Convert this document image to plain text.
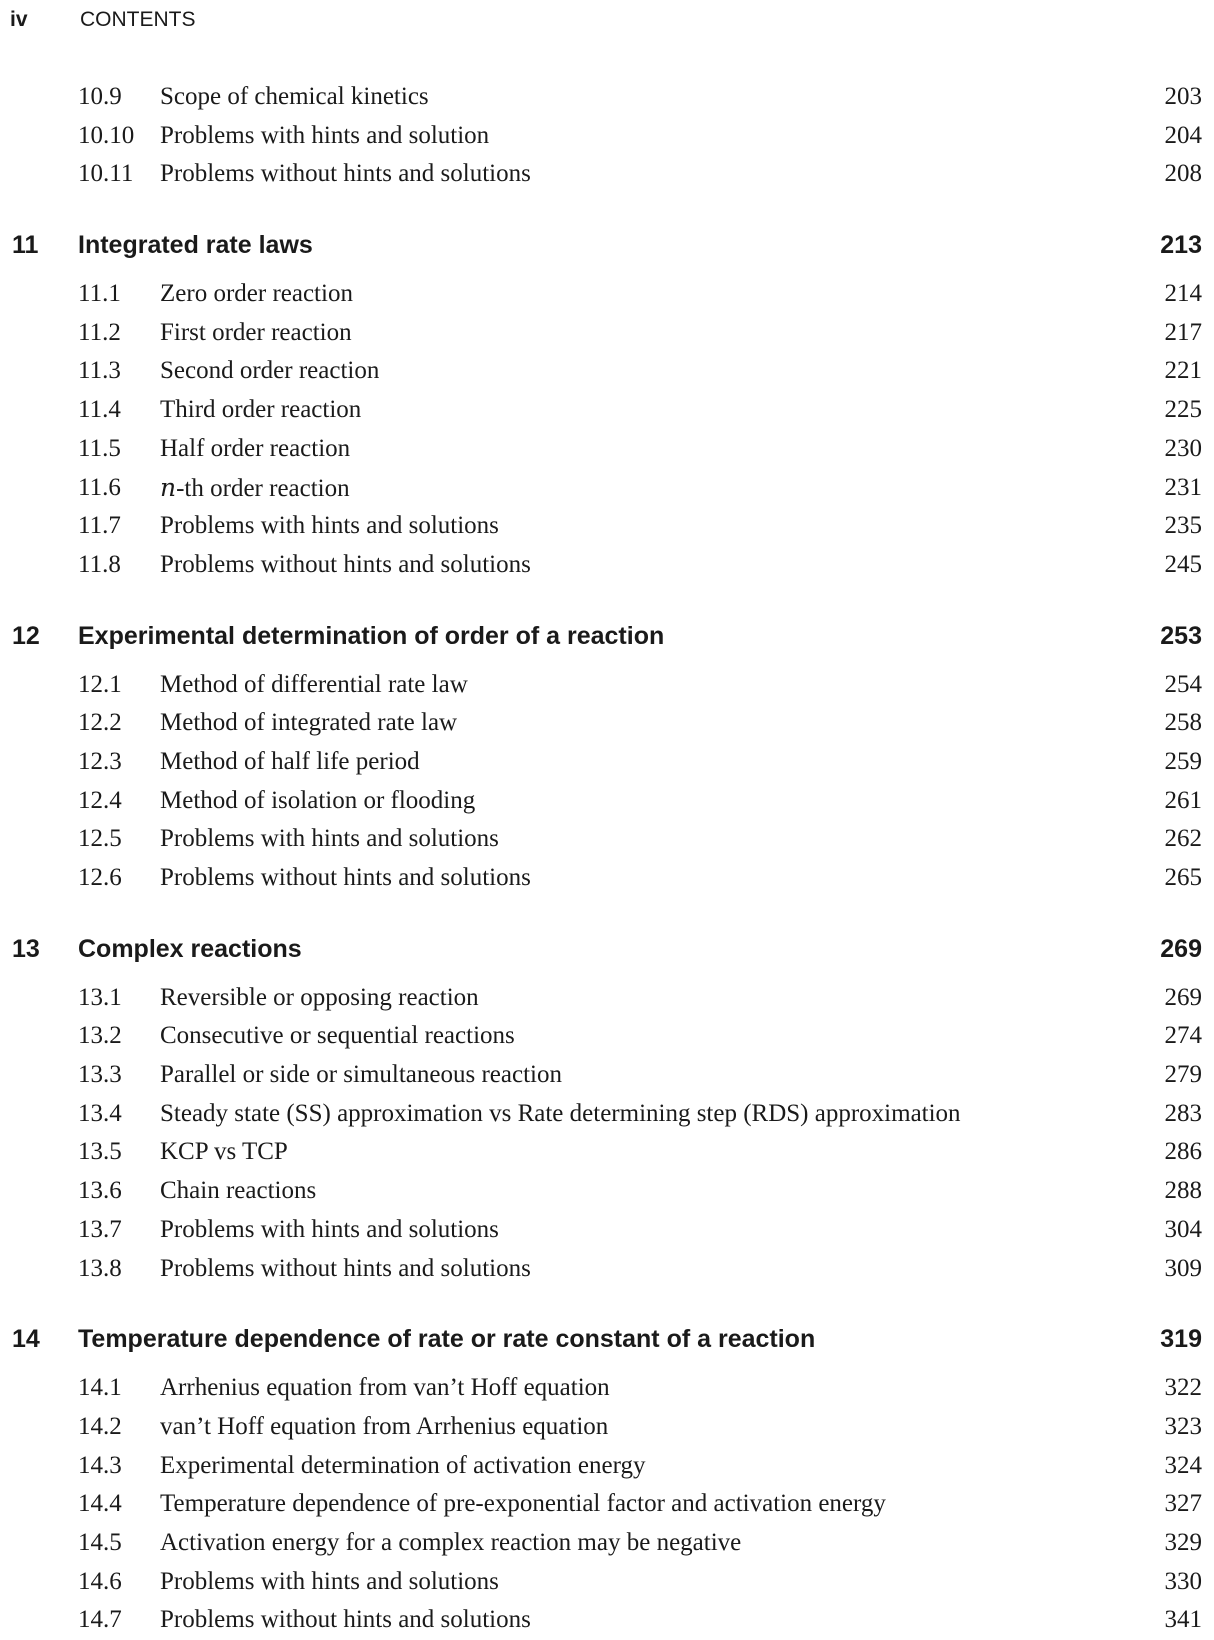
iv	CONTENTS
10.9 Scope of chemical kinetics	203
10.10 Problems with hints and solution	204
10.11 Problems without hints and solutions	208
11 Integrated rate laws	213
11.1 Zero order reaction	214
11.2 First order reaction	217
11.3 Second order reaction	221
11.4 Third order reaction	225
11.5 Half order reaction	230
11.6 n-th order reaction	231
11.7 Problems with hints and solutions	235
11.8 Problems without hints and solutions	245
12 Experimental determination of order of a reaction	253
12.1 Method of differential rate law	254
12.2 Method of integrated rate law	258
12.3 Method of half life period	259
12.4 Method of isolation or flooding	261
12.5 Problems with hints and solutions	262
12.6 Problems without hints and solutions	265
13 Complex reactions	269
13.1 Reversible or opposing reaction	269
13.2 Consecutive or sequential reactions	274
13.3 Parallel or side or simultaneous reaction	279
13.4 Steady state (SS) approximation vs Rate determining step (RDS) approximation	283
13.5 KCP vs TCP	286
13.6 Chain reactions	288
13.7 Problems with hints and solutions	304
13.8 Problems without hints and solutions	309
14 Temperature dependence of rate or rate constant of a reaction	319
14.1 Arrhenius equation from van’t Hoff equation	322
14.2 van’t Hoff equation from Arrhenius equation	323
14.3 Experimental determination of activation energy	324
14.4 Temperature dependence of pre-exponential factor and activation energy	327
14.5 Activation energy for a complex reaction may be negative	329
14.6 Problems with hints and solutions	330
14.7 Problems without hints and solutions	341
